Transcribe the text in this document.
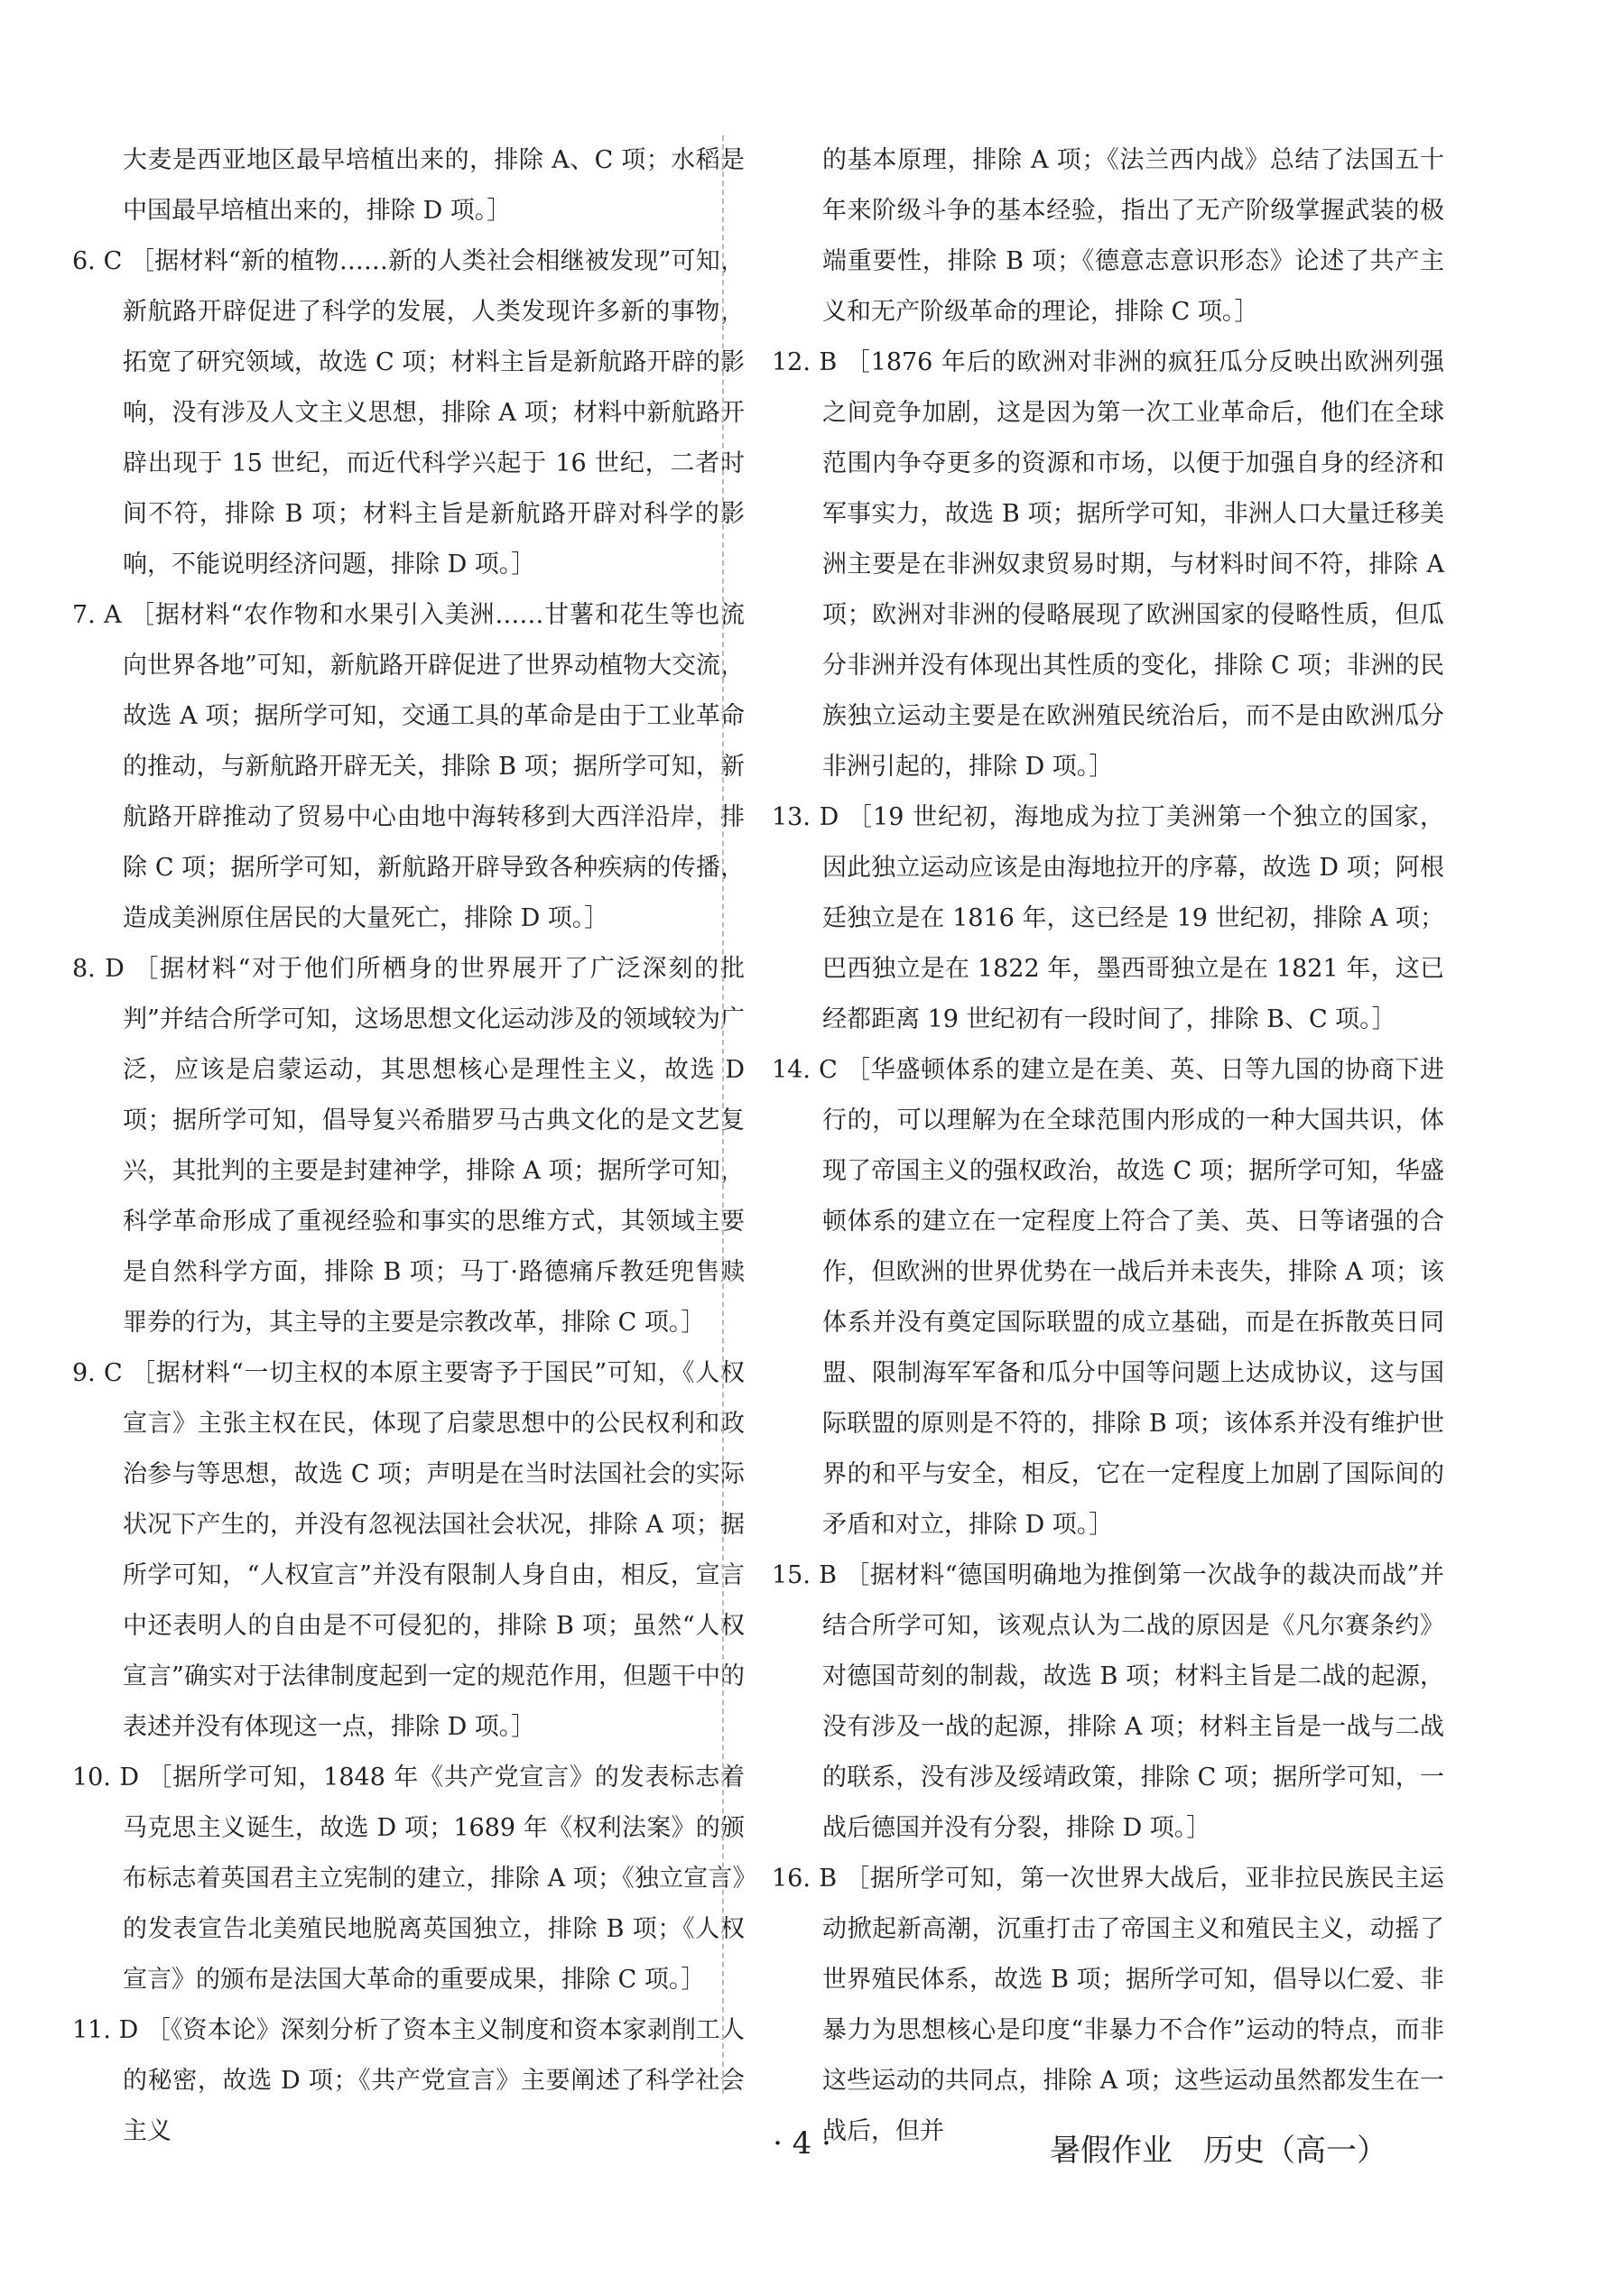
大麦是西亚地区最早培植出来的，排除 A、C 项；水稻是中国最早培植出来的，排除 D 项。］

6. C ［据材料“新的植物……新的人类社会相继被发现”可知，新航路开辟促进了科学的发展，人类发现许多新的事物，拓宽了研究领域，故选 C 项；材料主旨是新航路开辟的影响，没有涉及人文主义思想，排除 A 项；材料中新航路开辟出现于 15 世纪，而近代科学兴起于 16 世纪，二者时间不符，排除 B 项；材料主旨是新航路开辟对科学的影响，不能说明经济问题，排除 D 项。］

7. A ［据材料“农作物和水果引入美洲……甘薯和花生等也流向世界各地”可知，新航路开辟促进了世界动植物大交流，故选 A 项；据所学可知，交通工具的革命是由于工业革命的推动，与新航路开辟无关，排除 B 项；据所学可知，新航路开辟推动了贸易中心由地中海转移到大西洋沿岸，排除 C 项；据所学可知，新航路开辟导致各种疾病的传播，造成美洲原住居民的大量死亡，排除 D 项。］

8. D ［据材料“对于他们所栖身的世界展开了广泛深刻的批判”并结合所学可知，这场思想文化运动涉及的领域较为广泛，应该是启蒙运动，其思想核心是理性主义，故选 D 项；据所学可知，倡导复兴希腊罗马古典文化的是文艺复兴，其批判的主要是封建神学，排除 A 项；据所学可知，科学革命形成了重视经验和事实的思维方式，其领域主要是自然科学方面，排除 B 项；马丁·路德痛斥教廷兜售赎罪券的行为，其主导的主要是宗教改革，排除 C 项。］

9. C ［据材料“一切主权的本原主要寄予于国民”可知，《人权宣言》主张主权在民，体现了启蒙思想中的公民权利和政治参与等思想，故选 C 项；声明是在当时法国社会的实际状况下产生的，并没有忽视法国社会状况，排除 A 项；据所学可知，“人权宣言”并没有限制人身自由，相反，宣言中还表明人的自由是不可侵犯的，排除 B 项；虽然“人权宣言”确实对于法律制度起到一定的规范作用，但题干中的表述并没有体现这一点，排除 D 项。］

10. D ［据所学可知，1848 年《共产党宣言》的发表标志着马克思主义诞生，故选 D 项；1689 年《权利法案》的颁布标志着英国君主立宪制的建立，排除 A 项；《独立宣言》的发表宣告北美殖民地脱离英国独立，排除 B 项；《人权宣言》的颁布是法国大革命的重要成果，排除 C 项。］

11. D ［《资本论》深刻分析了资本主义制度和资本家剥削工人的秘密，故选 D 项；《共产党宣言》主要阐述了科学社会主义

的基本原理，排除 A 项；《法兰西内战》总结了法国五十年来阶级斗争的基本经验，指出了无产阶级掌握武装的极端重要性，排除 B 项；《德意志意识形态》论述了共产主义和无产阶级革命的理论，排除 C 项。］

12. B ［1876 年后的欧洲对非洲的疯狂瓜分反映出欧洲列强之间竞争加剧，这是因为第一次工业革命后，他们在全球范围内争夺更多的资源和市场，以便于加强自身的经济和军事实力，故选 B 项；据所学可知，非洲人口大量迁移美洲主要是在非洲奴隶贸易时期，与材料时间不符，排除 A 项；欧洲对非洲的侵略展现了欧洲国家的侵略性质，但瓜分非洲并没有体现出其性质的变化，排除 C 项；非洲的民族独立运动主要是在欧洲殖民统治后，而不是由欧洲瓜分非洲引起的，排除 D 项。］

13. D ［19 世纪初，海地成为拉丁美洲第一个独立的国家，因此独立运动应该是由海地拉开的序幕，故选 D 项；阿根廷独立是在 1816 年，这已经是 19 世纪初，排除 A 项；巴西独立是在 1822 年，墨西哥独立是在 1821 年，这已经都距离 19 世纪初有一段时间了，排除 B、C 项。］

14. C ［华盛顿体系的建立是在美、英、日等九国的协商下进行的，可以理解为在全球范围内形成的一种大国共识，体现了帝国主义的强权政治，故选 C 项；据所学可知，华盛顿体系的建立在一定程度上符合了美、英、日等诸强的合作，但欧洲的世界优势在一战后并未丧失，排除 A 项；该体系并没有奠定国际联盟的成立基础，而是在拆散英日同盟、限制海军军备和瓜分中国等问题上达成协议，这与国际联盟的原则是不符的，排除 B 项；该体系并没有维护世界的和平与安全，相反，它在一定程度上加剧了国际间的矛盾和对立，排除 D 项。］

15. B ［据材料“德国明确地为推倒第一次战争的裁决而战”并结合所学可知，该观点认为二战的原因是《凡尔赛条约》对德国苛刻的制裁，故选 B 项；材料主旨是二战的起源，没有涉及一战的起源，排除 A 项；材料主旨是一战与二战的联系，没有涉及绥靖政策，排除 C 项；据所学可知，一战后德国并没有分裂，排除 D 项。］

16. B ［据所学可知，第一次世界大战后，亚非拉民族民主运动掀起新高潮，沉重打击了帝国主义和殖民主义，动摇了世界殖民体系，故选 B 项；据所学可知，倡导以仁爱、非暴力为思想核心是印度“非暴力不合作”运动的特点，而非这些运动的共同点，排除 A 项；这些运动虽然都发生在一战后，但并

· 4 ·	暑假作业　历史（高一）
